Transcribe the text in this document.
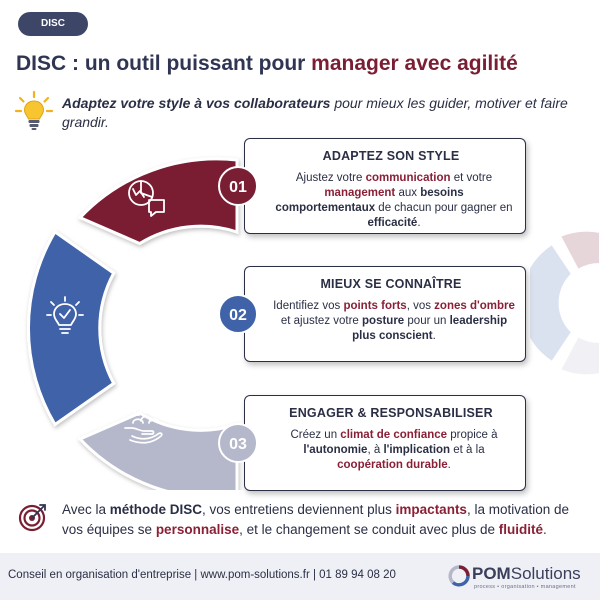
DISC
DISC : un outil puissant pour manager avec agilité
Adaptez votre style à vos collaborateurs pour mieux les guider, motiver et faire grandir.
ADAPTEZ SON STYLE
Ajustez votre communication et votre management aux besoins comportementaux de chacun pour gagner en efficacité.
MIEUX SE CONNAÎTRE
Identifiez vos points forts, vos zones d'ombre et ajustez votre posture pour un leadership plus conscient.
ENGAGER & RESPONSABILISER
Créez un climat de confiance propice à l'autonomie, à l'implication et à la coopération durable.
01
02
03
Avec la méthode DISC, vos entretiens deviennent plus impactants, la motivation de vos équipes se personnalise, et le changement se conduit avec plus de fluidité.
Conseil en organisation d'entreprise | www.pom-solutions.fr | 01 89 94 08 20	POMSolutions
process • organisation • management
